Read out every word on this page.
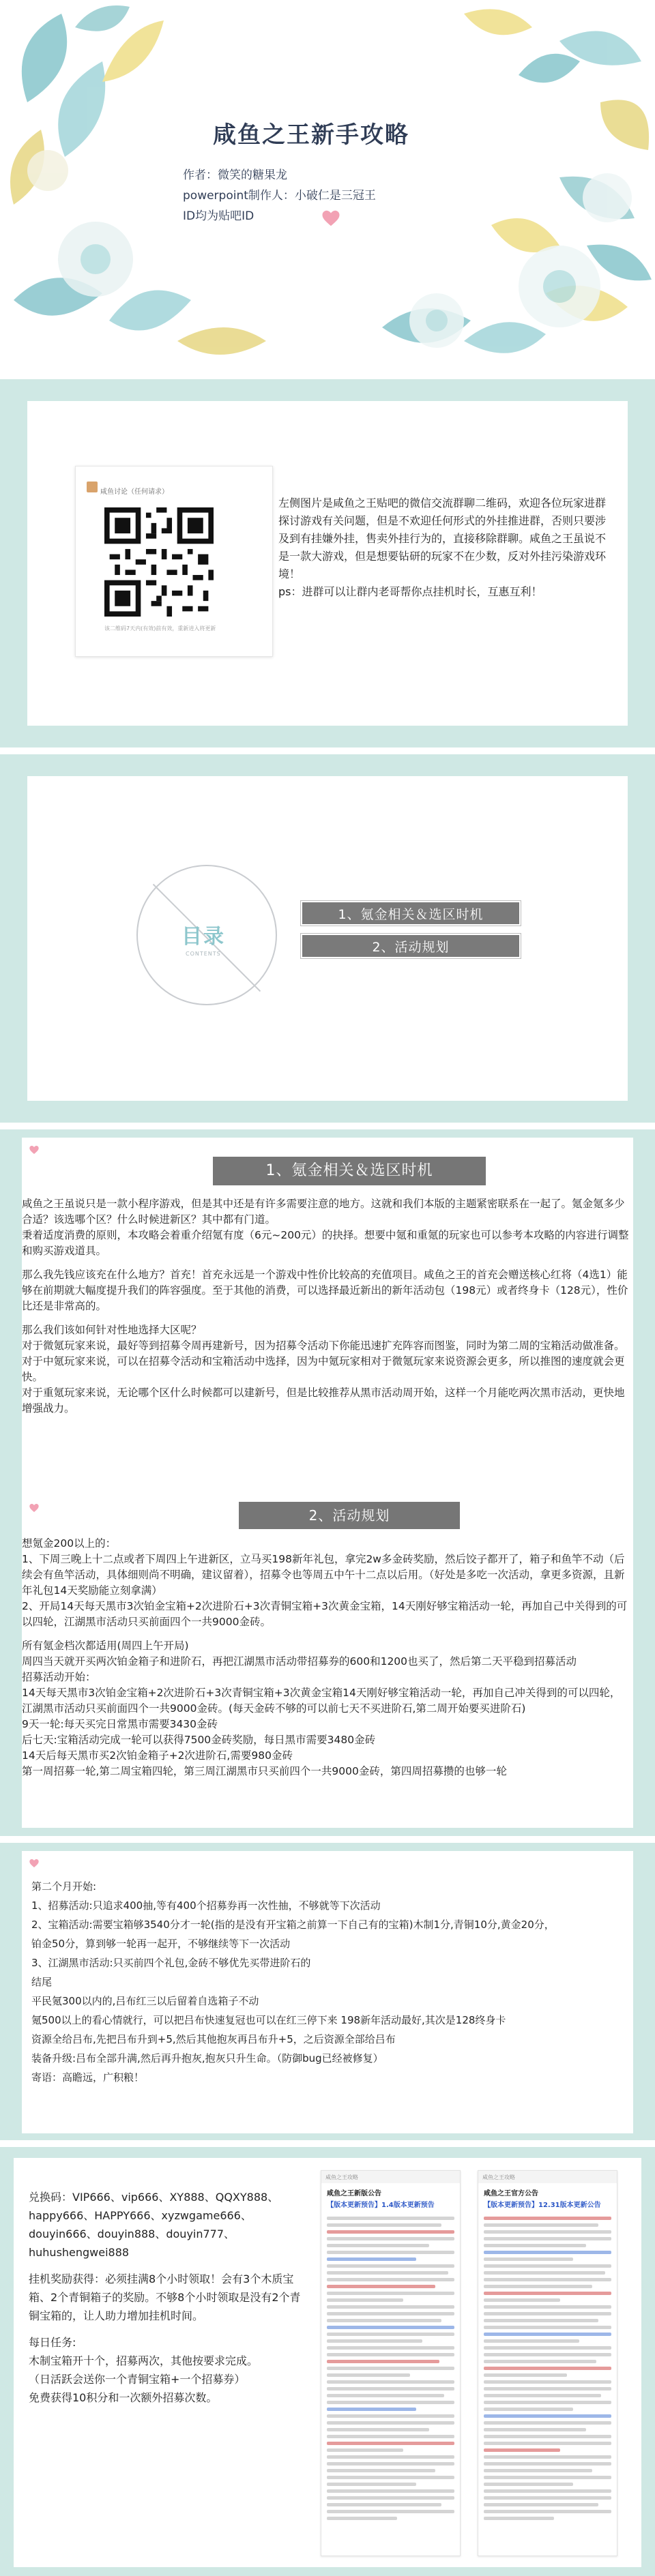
咸鱼之王新手攻略
作者：微笑的糖果龙
powerpoint制作人：小破仁是三冠王
ID均为贴吧ID
咸鱼讨论（任何请求）
该二维码7天内(有效)前有效，重新进入将更新

左侧图片是咸鱼之王贴吧的微信交流群聊二维码，欢迎各位玩家进群探讨游戏有关问题，但是不欢迎任何形式的外挂推进群，否则只要涉及到有挂嫌外挂，售卖外挂行为的，直接移除群聊。咸鱼之王虽说不是一款大游戏，但是想要钻研的玩家不在少数，反对外挂污染游戏环境！

ps：进群可以让群内老哥帮你点挂机时长，互惠互利！

目录
CONTENTS
1、氪金相关＆选区时机
2、活动规划
1、氪金相关＆选区时机

咸鱼之王虽说只是一款小程序游戏，但是其中还是有许多需要注意的地方。这就和我们本版的主题紧密联系在一起了。氪金氪多少合适？该选哪个区？什么时候进新区？其中都有门道。

秉着适度消费的原则，本攻略会着重介绍氪有度（6元~200元）的抉择。想要中氪和重氪的玩家也可以参考本攻略的内容进行调整和购买游戏道具。

那么我先钱应该充在什么地方？首充！首充永远是一个游戏中性价比较高的充值项目。咸鱼之王的首充会赠送核心红将（4选1）能够在前期就大幅度提升我们的阵容强度。至于其他的消费，可以选择最近新出的新年活动包（198元）或者终身卡（128元），性价比还是非常高的。

那么我们该如何针对性地选择大区呢？

对于微氪玩家来说，最好等到招募令周再建新号，因为招募令活动下你能迅速扩充阵容而图鉴，同时为第二周的宝箱活动做准备。

对于中氪玩家来说，可以在招募令活动和宝箱活动中选择，因为中氪玩家相对于微氪玩家来说资源会更多，所以推图的速度就会更快。

对于重氪玩家来说，无论哪个区什么时候都可以建新号，但是比较推荐从黑市活动周开始，这样一个月能吃两次黑市活动，更快地增强战力。

2、活动规划

想氪金200以上的：

1、下周三晚上十二点或者下周四上午进新区，立马买198新年礼包，拿完2w多金砖奖励，然后饺子都开了，箱子和鱼竿不动（后续会有鱼竿活动，具体细则尚不明确，建议留着），招募令也等周五中午十二点以后用。（好处是多吃一次活动，拿更多资源，且新年礼包14天奖励能立刻拿满）

2、开局14天每天黑市3次铂金宝箱+2次进阶石+3次青铜宝箱+3次黄金宝箱，14天刚好够宝箱活动一轮，再加自己中关得到的可以四轮，江湖黑市活动只买前面四个一共9000金砖。

所有氪金档次都适用(周四上午开局)

周四当天就开买两次铂金箱子和进阶石，再把江湖黑市活动带招募券的600和1200也买了，然后第二天平稳到招募活动

招募活动开始：

14天每天黑市3次铂金宝箱+2次进阶石+3次青铜宝箱+3次黄金宝箱14天刚好够宝箱活动一轮，再加自己冲关得到的可以四轮，江湖黑市活动只买前面四个一共9000金砖。(每天金砖不够的可以前七天不买进阶石,第二周开始要买进阶石)

9天一轮:每天买完日常黑市需要3430金砖

后七天:宝箱活动完成一轮可以获得7500金砖奖励，每日黑市需要3480金砖

14天后每天黑市买2次铂金箱子+2次进阶石,需要980金砖

第一周招募一轮,第二周宝箱四轮，第三周江湖黑市只买前四个一共9000金砖，第四周招募攒的也够一轮

第二个月开始:

1、招募活动:只追求400抽,等有400个招募券再一次性抽，不够就等下次活动

2、宝箱活动:需要宝箱够3540分才一轮(指的是没有开宝箱之前算一下自己有的宝箱)木制1分,青铜10分,黄金20分，铂金50分，算到够一轮再一起开，不够继续等下一次活动

3、江湖黑市活动:只买前四个礼包,金砖不够优先买带进阶石的

结尾

平民氪300以内的,吕布红三以后留着自选箱子不动

氪500以上的看心情就行，可以把吕布快速复冠也可以在红三停下来 198新年活动最好,其次是128终身卡

资源全给吕布,先把吕布升到+5,然后其他抱灰再吕布升+5，之后资源全部给吕布

装备升级:吕布全部升满,然后再升抱灰,抱灰只升生命。（防御bug已经被修复）

寄语：高瞻远，广积粮！

兑换码：VIP666、vip666、XY888、QQXY888、happy666、HAPPY666、xyzwgame666、douyin666、douyin888、douyin777、huhushengwei888

挂机奖励获得：必须挂满8个小时领取！会有3个木质宝箱、2个青铜箱子的奖励。不够8个小时领取是没有2个青铜宝箱的，让人助力增加挂机时间。

每日任务:

木制宝箱开十个，招募两次，其他按要求完成。

（日活跃会送你一个青铜宝箱+一个招募券）

免费获得10积分和一次额外招募次数。

咸鱼之王攻略
咸鱼之王新版公告
【版本更新预告】1.4版本更新预告
咸鱼之王攻略
咸鱼之王官方公告
【版本更新预告】12.31版本更新公告
